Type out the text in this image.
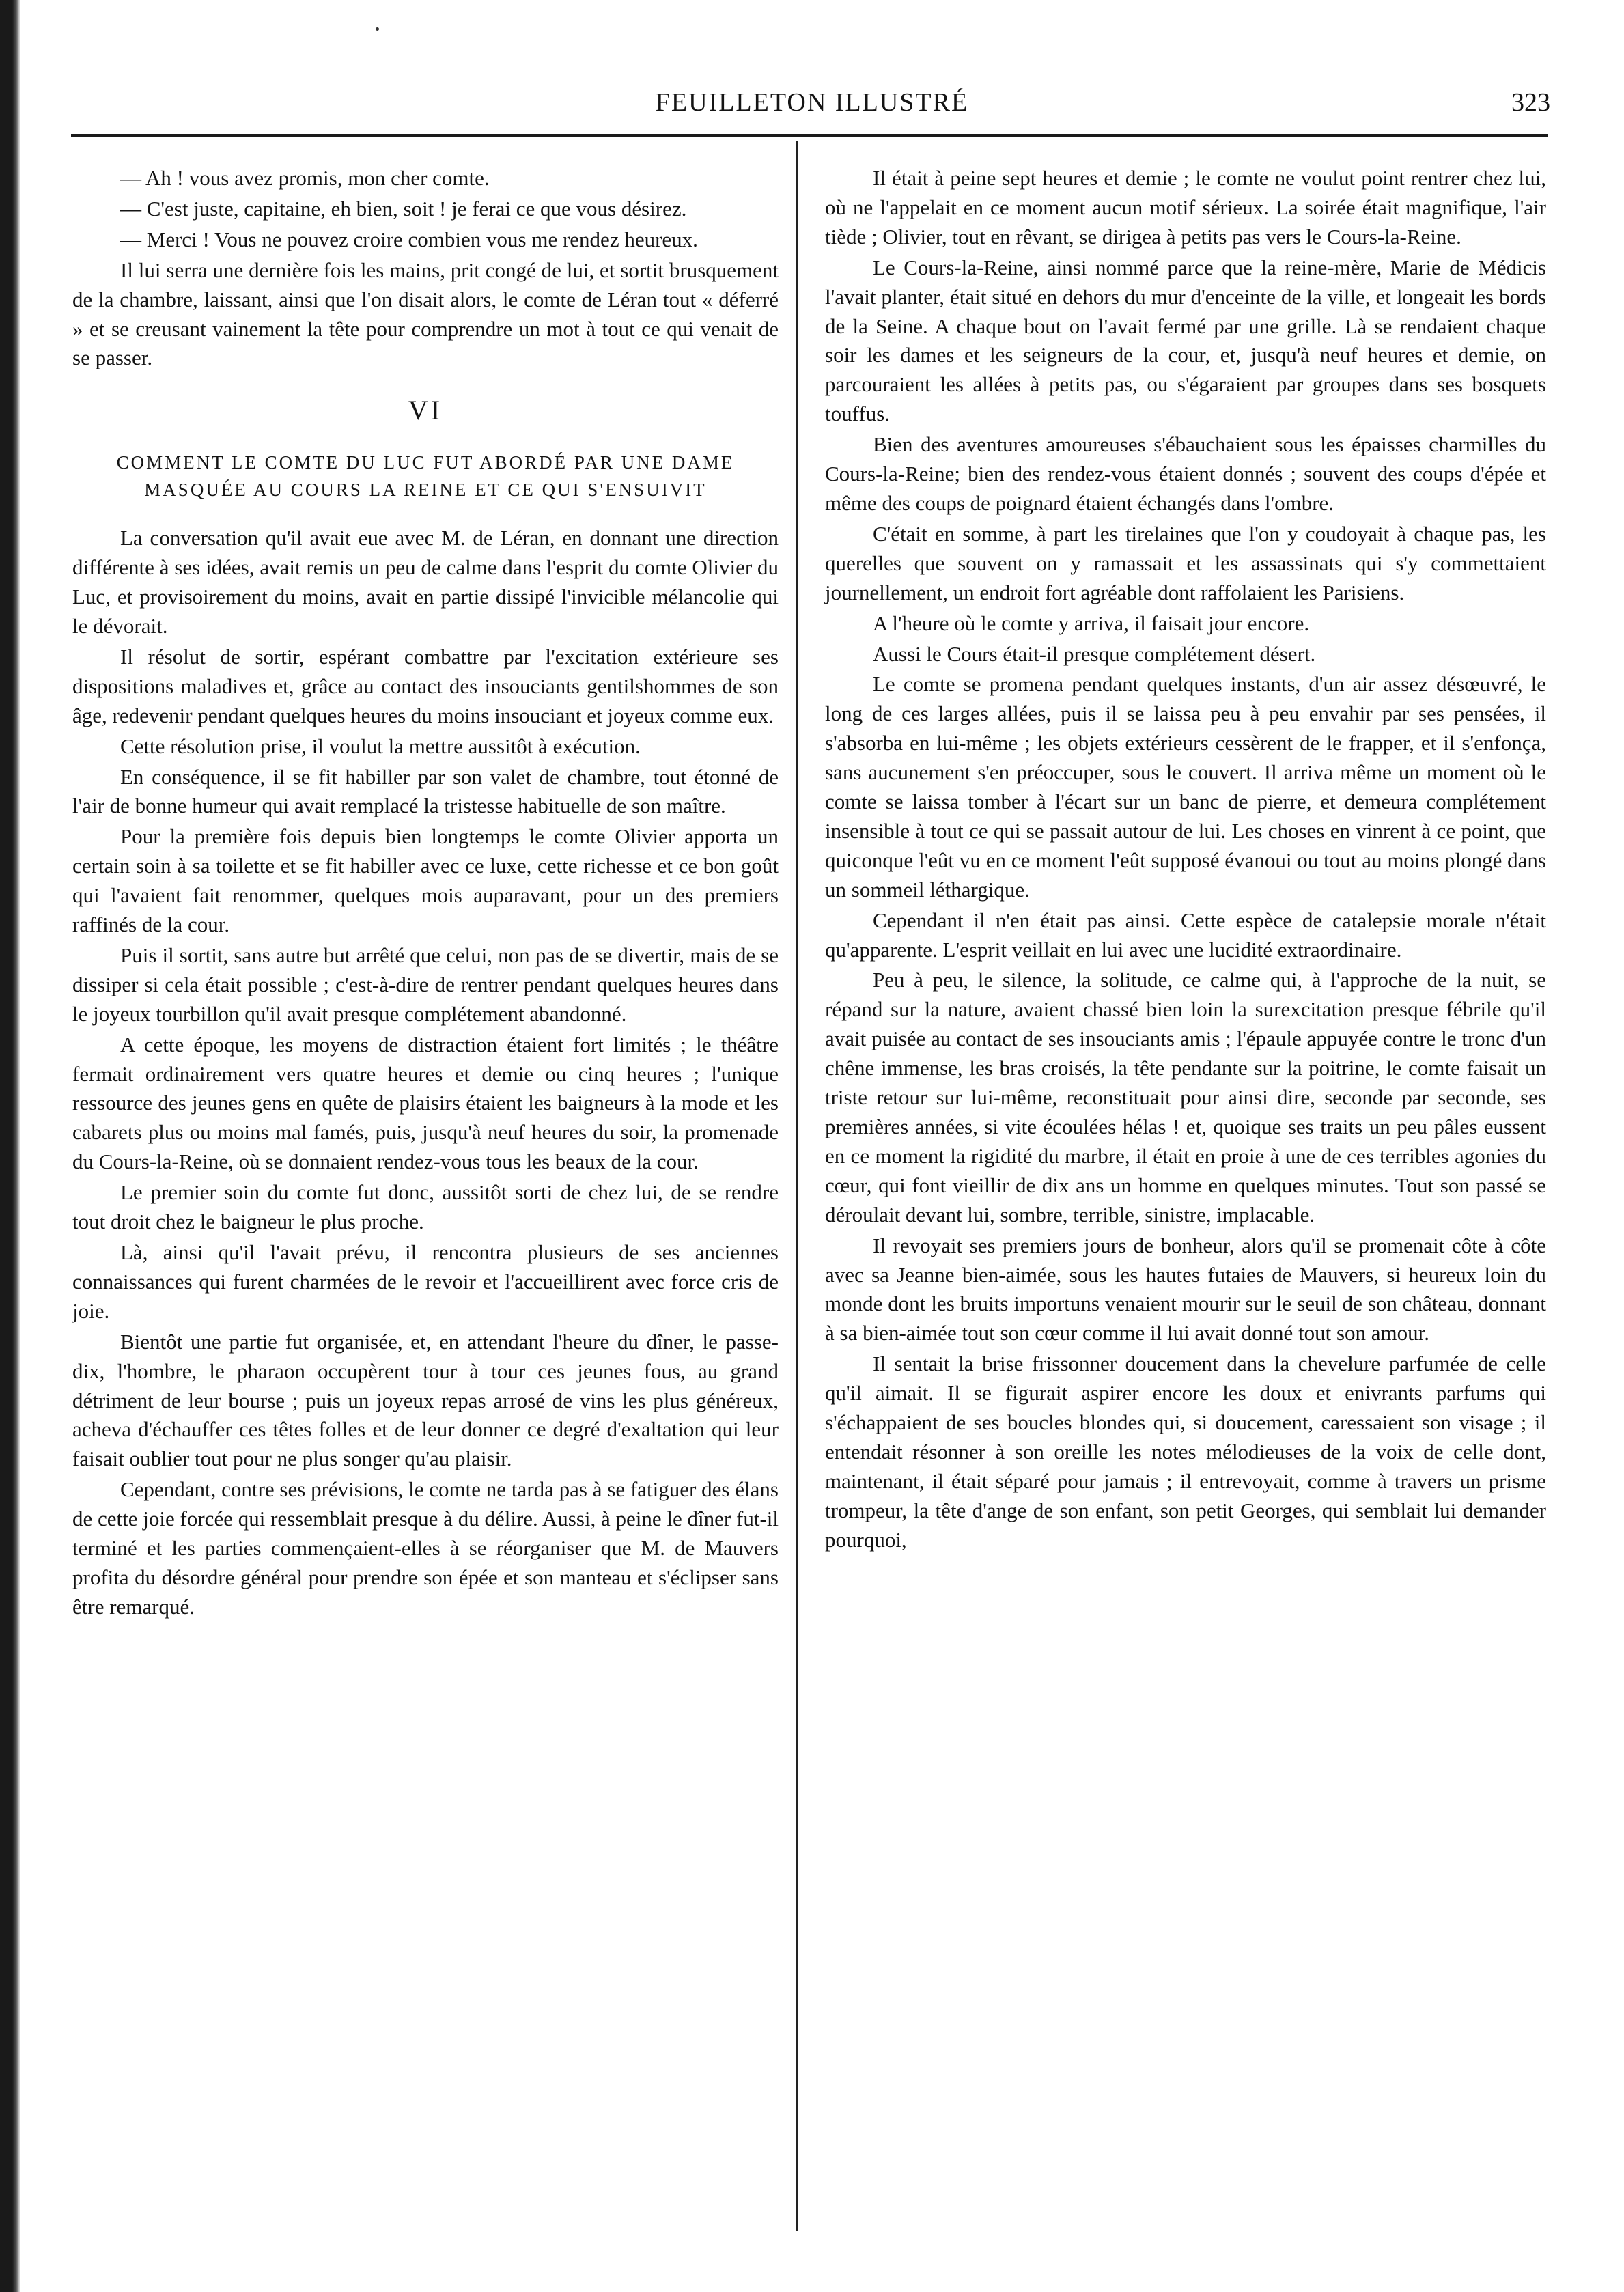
FEUILLETON ILLUSTRÉ	323

— Ah ! vous avez promis, mon cher comte.

— C'est juste, capitaine, eh bien, soit ! je ferai ce que vous désirez.

— Merci ! Vous ne pouvez croire combien vous me rendez heureux.

Il lui serra une dernière fois les mains, prit congé de lui, et sortit brusquement de la chambre, laissant, ainsi que l'on disait alors, le comte de Léran tout « déferré » et se creusant vainement la tête pour comprendre un mot à tout ce qui venait de se passer.

VI
COMMENT LE COMTE DU LUC FUT ABORDÉ PAR UNE DAME MASQUÉE AU COURS LA REINE ET CE QUI S'ENSUIVIT

La conversation qu'il avait eue avec M. de Léran, en donnant une direction différente à ses idées, avait remis un peu de calme dans l'esprit du comte Olivier du Luc, et provisoirement du moins, avait en partie dissipé l'invicible mélancolie qui le dévorait.

Il résolut de sortir, espérant combattre par l'excitation extérieure ses dispositions maladives et, grâce au contact des insouciants gentilshommes de son âge, redevenir pendant quelques heures du moins insouciant et joyeux comme eux.

Cette résolution prise, il voulut la mettre aussitôt à exécution.

En conséquence, il se fit habiller par son valet de chambre, tout étonné de l'air de bonne humeur qui avait remplacé la tristesse habituelle de son maître.

Pour la première fois depuis bien longtemps le comte Olivier apporta un certain soin à sa toilette et se fit habiller avec ce luxe, cette richesse et ce bon goût qui l'avaient fait renommer, quelques mois auparavant, pour un des premiers raffinés de la cour.

Puis il sortit, sans autre but arrêté que celui, non pas de se divertir, mais de se dissiper si cela était possible ; c'est-à-dire de rentrer pendant quelques heures dans le joyeux tourbillon qu'il avait presque complétement abandonné.

A cette époque, les moyens de distraction étaient fort limités ; le théâtre fermait ordinairement vers quatre heures et demie ou cinq heures ; l'unique ressource des jeunes gens en quête de plaisirs étaient les baigneurs à la mode et les cabarets plus ou moins mal famés, puis, jusqu'à neuf heures du soir, la promenade du Cours-la-Reine, où se donnaient rendez-vous tous les beaux de la cour.

Le premier soin du comte fut donc, aussitôt sorti de chez lui, de se rendre tout droit chez le baigneur le plus proche.

Là, ainsi qu'il l'avait prévu, il rencontra plusieurs de ses anciennes connaissances qui furent charmées de le revoir et l'accueillirent avec force cris de joie.

Bientôt une partie fut organisée, et, en attendant l'heure du dîner, le passe-dix, l'hombre, le pharaon occupèrent tour à tour ces jeunes fous, au grand détriment de leur bourse ; puis un joyeux repas arrosé de vins les plus généreux, acheva d'échauffer ces têtes folles et de leur donner ce degré d'exaltation qui leur faisait oublier tout pour ne plus songer qu'au plaisir.

Cependant, contre ses prévisions, le comte ne tarda pas à se fatiguer des élans de cette joie forcée qui ressemblait presque à du délire. Aussi, à peine le dîner fut-il terminé et les parties commençaient-elles à se réorganiser que M. de Mauvers profita du désordre général pour prendre son épée et son manteau et s'éclipser sans être remarqué.

Il était à peine sept heures et demie ; le comte ne voulut point rentrer chez lui, où ne l'appelait en ce moment aucun motif sérieux. La soirée était magnifique, l'air tiède ; Olivier, tout en rêvant, se dirigea à petits pas vers le Cours-la-Reine.

Le Cours-la-Reine, ainsi nommé parce que la reine-mère, Marie de Médicis l'avait planter, était situé en dehors du mur d'enceinte de la ville, et longeait les bords de la Seine. A chaque bout on l'avait fermé par une grille. Là se rendaient chaque soir les dames et les seigneurs de la cour, et, jusqu'à neuf heures et demie, on parcouraient les allées à petits pas, ou s'égaraient par groupes dans ses bosquets touffus.

Bien des aventures amoureuses s'ébauchaient sous les épaisses charmilles du Cours-la-Reine; bien des rendez-vous étaient donnés ; souvent des coups d'épée et même des coups de poignard étaient échangés dans l'ombre.

C'était en somme, à part les tirelaines que l'on y coudoyait à chaque pas, les querelles que souvent on y ramassait et les assassinats qui s'y commettaient journellement, un endroit fort agréable dont raffolaient les Parisiens.

A l'heure où le comte y arriva, il faisait jour encore.

Aussi le Cours était-il presque complétement désert.

Le comte se promena pendant quelques instants, d'un air assez désœuvré, le long de ces larges allées, puis il se laissa peu à peu envahir par ses pensées, il s'absorba en lui-même ; les objets extérieurs cessèrent de le frapper, et il s'enfonça, sans aucunement s'en préoccuper, sous le couvert. Il arriva même un moment où le comte se laissa tomber à l'écart sur un banc de pierre, et demeura complétement insensible à tout ce qui se passait autour de lui. Les choses en vinrent à ce point, que quiconque l'eût vu en ce moment l'eût supposé évanoui ou tout au moins plongé dans un sommeil léthargique.

Cependant il n'en était pas ainsi. Cette espèce de catalepsie morale n'était qu'apparente. L'esprit veillait en lui avec une lucidité extraordinaire.

Peu à peu, le silence, la solitude, ce calme qui, à l'approche de la nuit, se répand sur la nature, avaient chassé bien loin la surexcitation presque fébrile qu'il avait puisée au contact de ses insouciants amis ; l'épaule appuyée contre le tronc d'un chêne immense, les bras croisés, la tête pendante sur la poitrine, le comte faisait un triste retour sur lui-même, reconstituait pour ainsi dire, seconde par seconde, ses premières années, si vite écoulées hélas ! et, quoique ses traits un peu pâles eussent en ce moment la rigidité du marbre, il était en proie à une de ces terribles agonies du cœur, qui font vieillir de dix ans un homme en quelques minutes. Tout son passé se déroulait devant lui, sombre, terrible, sinistre, implacable.

Il revoyait ses premiers jours de bonheur, alors qu'il se promenait côte à côte avec sa Jeanne bien-aimée, sous les hautes futaies de Mauvers, si heureux loin du monde dont les bruits importuns venaient mourir sur le seuil de son château, donnant à sa bien-aimée tout son cœur comme il lui avait donné tout son amour.

Il sentait la brise frissonner doucement dans la chevelure parfumée de celle qu'il aimait. Il se figurait aspirer encore les doux et enivrants parfums qui s'échappaient de ses boucles blondes qui, si doucement, caressaient son visage ; il entendait résonner à son oreille les notes mélodieuses de la voix de celle dont, maintenant, il était séparé pour jamais ; il entrevoyait, comme à travers un prisme trompeur, la tête d'ange de son enfant, son petit Georges, qui semblait lui demander pourquoi,
